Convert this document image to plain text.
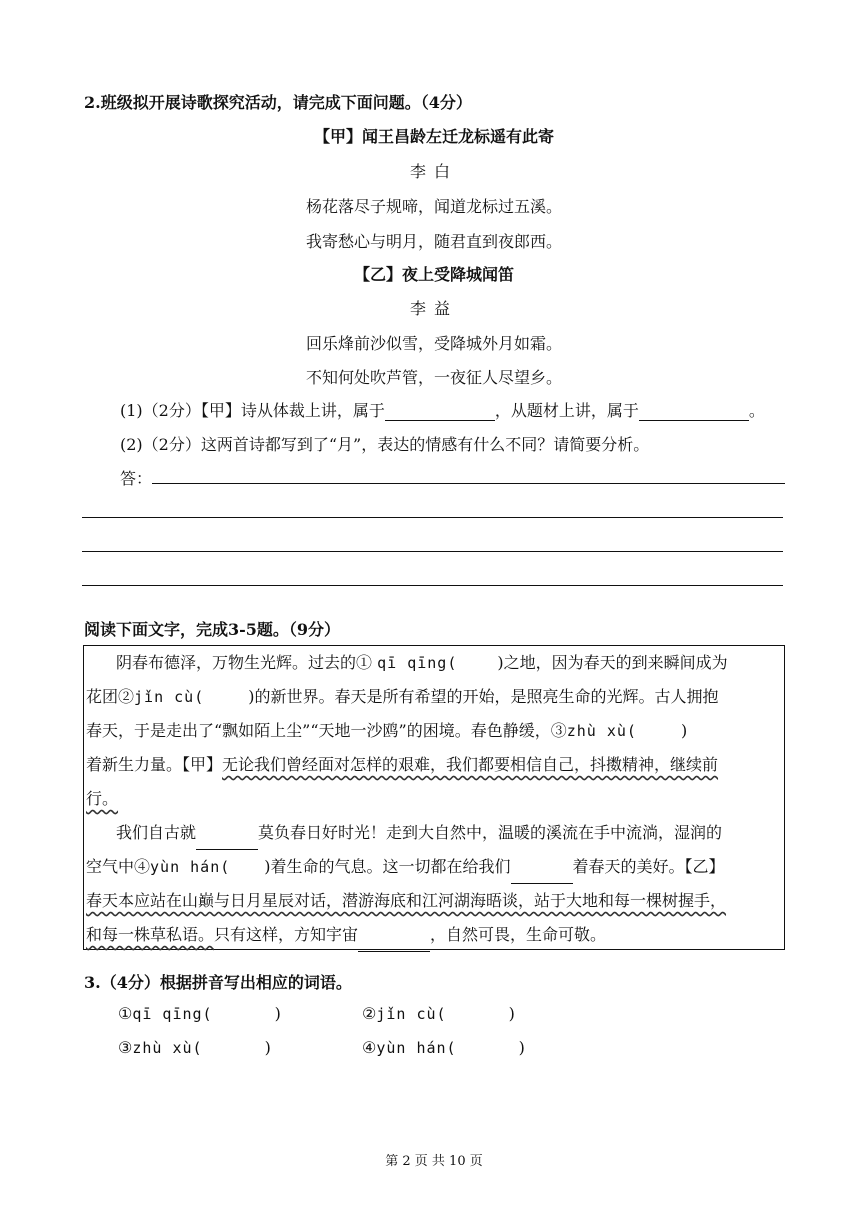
2.班级拟开展诗歌探究活动，请完成下面问题。（4分）
【甲】闻王昌龄左迁龙标遥有此寄
李白
杨花落尽子规啼，闻道龙标过五溪。
我寄愁心与明月，随君直到夜郎西。
【乙】夜上受降城闻笛
李益
回乐烽前沙似雪，受降城外月如霜。
不知何处吹芦管，一夜征人尽望乡。
(1)（2分）【甲】诗从体裁上讲，属于	，从题材上讲，属于	。
(2)（2分）这两首诗都写到了“月”，表达的情感有什么不同？请简要分析。
答：
阅读下面文字，完成3-5题。（9分）
阴春布德泽，万物生光辉。过去的① qī qīng(	)之地，因为春天的到来瞬间成为
花团②jǐn cù(	)的新世界。春天是所有希望的开始，是照亮生命的光辉。古人拥抱
春天，于是走出了“飘如陌上尘”“天地一沙鸥”的困境。春色静缓，③zhù xù(	)
着新生力量。【甲】无论我们曾经面对怎样的艰难，我们都要相信自己，抖擞精神，继续前
行。
我们自古就	莫负春日好时光！走到大自然中，温暖的溪流在手中流淌，湿润的
空气中④yùn hán( )着生命的气息。这一切都在给我们	着春天的美好。【乙】
春天本应站在山巅与日月星辰对话，潜游海底和江河湖海晤谈，站于大地和每一棵树握手，
和每一株草私语。只有这样，方知宇宙	，自然可畏，生命可敬。
3.（4分）根据拼音写出相应的词语。
①qī qīng(	)	②jǐn cù(	)
③zhù xù(	)	④yùn hán(	)
第 2 页 共 10 页
